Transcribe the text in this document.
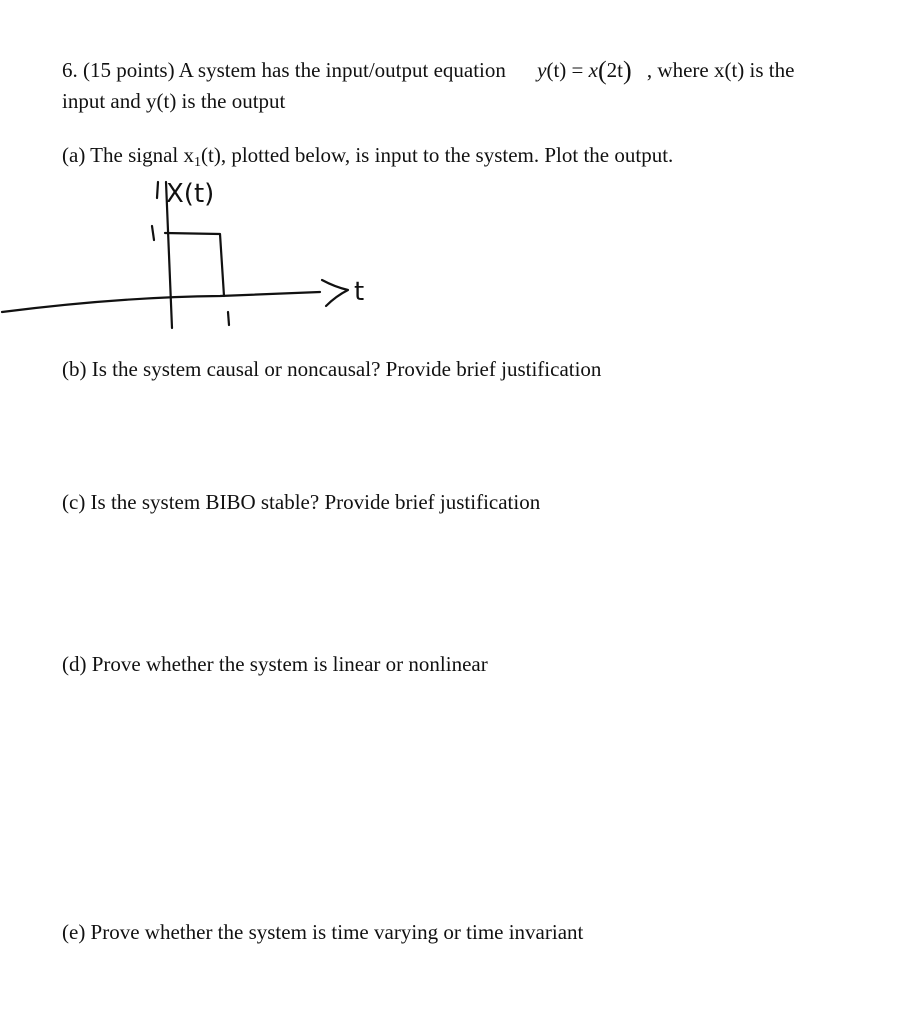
6. (15 points) A system has the input/output equation y(t) = x(2t) , where x(t) is the
input and y(t) is the output
(a) The signal x1(t), plotted below, is input to the system. Plot the output.
X(t)
t
(b) Is the system causal or noncausal? Provide brief justification
(c) Is the system BIBO stable? Provide brief justification
(d) Prove whether the system is linear or nonlinear
(e) Prove whether the system is time varying or time invariant
